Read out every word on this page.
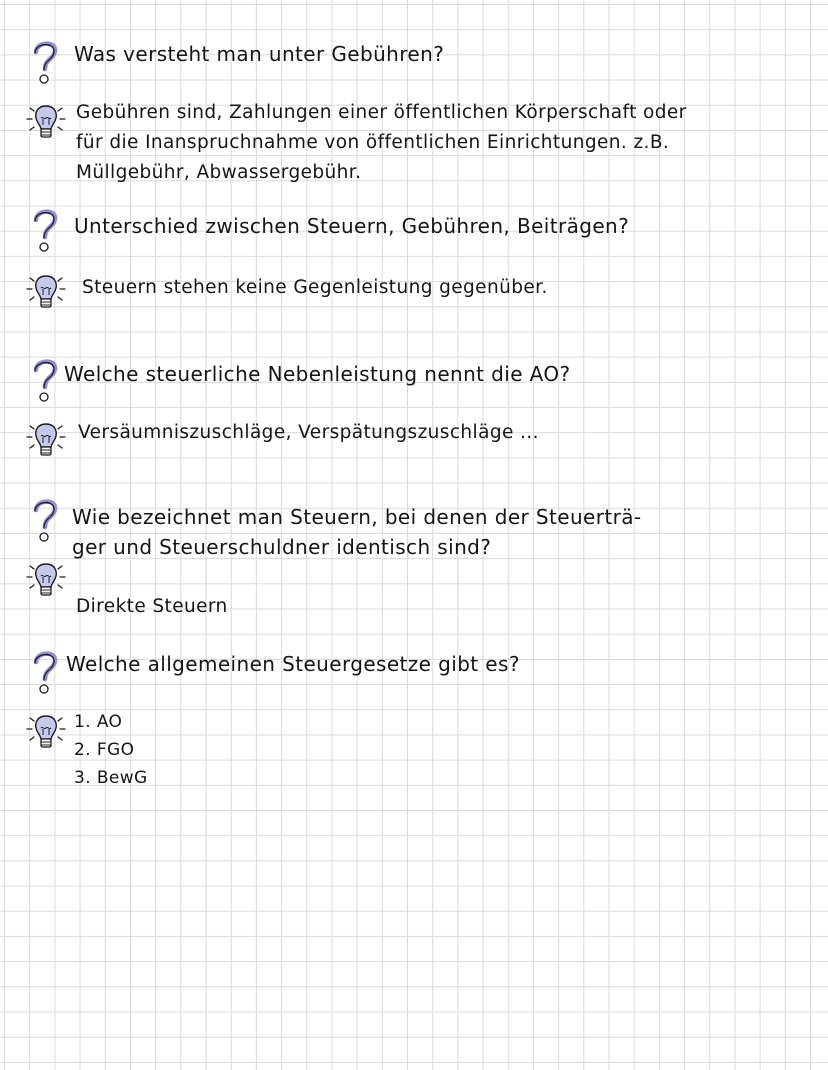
Was versteht man unter Gebühren?
Gebühren sind, Zahlungen einer öffentlichen Körperschaft oder
für die Inanspruchnahme von öffentlichen Einrichtungen. z.B.
Müllgebühr, Abwassergebühr.
Unterschied zwischen Steuern, Gebühren, Beiträgen?
Steuern stehen keine Gegenleistung gegenüber.
Welche steuerliche Nebenleistung nennt die AO?
Versäumniszuschläge, Verspätungszuschläge ...
Wie bezeichnet man Steuern, bei denen der Steuerträ-
ger und Steuerschuldner identisch sind?
Direkte Steuern
Welche allgemeinen Steuergesetze gibt es?
1. AO
2. FGO
3. BewG
